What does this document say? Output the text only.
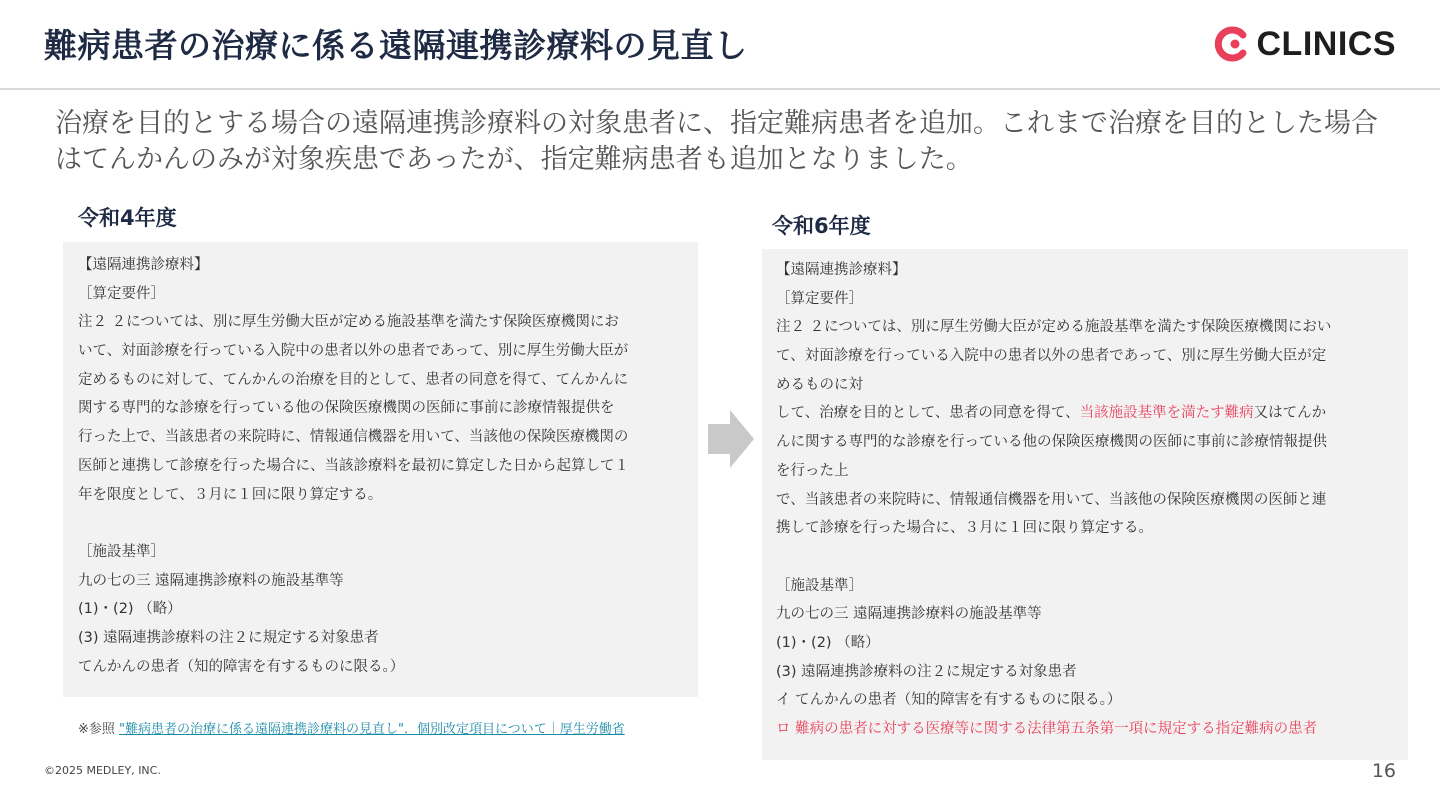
難病患者の治療に係る遠隔連携診療料の見直し	CLINICS
治療を目的とする場合の遠隔連携診療料の対象患者に、指定難病患者を追加。これまで治療を目的とした場合はてんかんのみが対象疾患であったが、指定難病患者も追加となりました。
令和4年度
【遠隔連携診療料】
［算定要件］
注２ ２については、別に厚生労働大臣が定める施設基準を満たす保険医療機関にお
いて、対面診療を行っている入院中の患者以外の患者であって、別に厚生労働大臣が
定めるものに対して、てんかんの治療を目的として、患者の同意を得て、てんかんに
関する専門的な診療を行っている他の保険医療機関の医師に事前に診療情報提供を
行った上で、当該患者の来院時に、情報通信機器を用いて、当該他の保険医療機関の
医師と連携して診療を行った場合に、当該診療料を最初に算定した日から起算して１
年を限度として、３月に１回に限り算定する。
［施設基準］
九の七の三 遠隔連携診療料の施設基準等
(1)・(2) （略）
(3) 遠隔連携診療料の注２に規定する対象患者
てんかんの患者（知的障害を有するものに限る。）
令和6年度
【遠隔連携診療料】
［算定要件］
注２ ２については、別に厚生労働大臣が定める施設基準を満たす保険医療機関におい
て、対面診療を行っている入院中の患者以外の患者であって、別に厚生労働大臣が定
めるものに対
して、治療を目的として、患者の同意を得て、当該施設基準を満たす難病又はてんか
んに関する専門的な診療を行っている他の保険医療機関の医師に事前に診療情報提供
を行った上
で、当該患者の来院時に、情報通信機器を用いて、当該他の保険医療機関の医師と連
携して診療を行った場合に、３月に１回に限り算定する。
［施設基準］
九の七の三 遠隔連携診療料の施設基準等
(1)・(2) （略）
(3) 遠隔連携診療料の注２に規定する対象患者
イ てんかんの患者（知的障害を有するものに限る。）
ロ 難病の患者に対する医療等に関する法律第五条第一項に規定する指定難病の患者
※参照 "難病患者の治療に係る遠隔連携診療料の見直し"．個別改定項目について｜厚生労働省
©2025 MEDLEY, INC.	16
